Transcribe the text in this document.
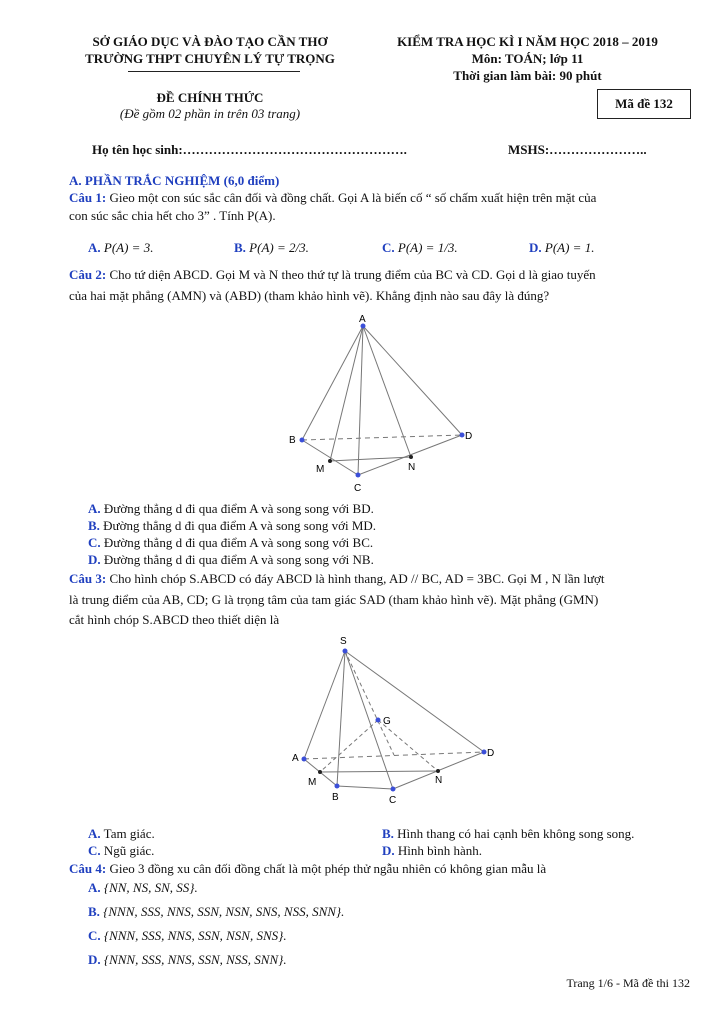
SỞ GIÁO DỤC VÀ ĐÀO TẠO CẦN THƠ
TRƯỜNG THPT CHUYÊN LÝ TỰ TRỌNG
KIỂM TRA HỌC KÌ I NĂM HỌC 2018 – 2019
Môn: TOÁN; lớp 11
Thời gian làm bài: 90 phút
ĐỀ CHÍNH THỨC
(Đề gồm 02 phần in trên 03 trang)
Mã đề 132
Họ tên học sinh:…………………………………………….	MSHS:…………………..
A. PHẦN TRẮC NGHIỆM (6,0 điểm)
Câu 1: Gieo một con súc sắc cân đối và đồng chất. Gọi A là biến cố “ số chấm xuất hiện trên mặt của
con súc sắc chia hết cho 3” . Tính P(A).
A. P(A) = 3.	B. P(A) = 2/3.	C. P(A) = 1/3.	D. P(A) = 1.
Câu 2: Cho tứ diện ABCD. Gọi M và N theo thứ tự là trung điểm của BC và CD. Gọi d là giao tuyến
của hai mặt phẳng (AMN) và (ABD) (tham khảo hình vẽ). Khẳng định nào sau đây là đúng?
A
B	D
C
M	N
A. Đường thẳng d đi qua điểm A và song song với BD.
B. Đường thẳng d đi qua điểm A và song song với MD.
C. Đường thẳng d đi qua điểm A và song song với BC.
D. Đường thẳng d đi qua điểm A và song song với NB.
Câu 3: Cho hình chóp S.ABCD có đáy ABCD là hình thang, AD // BC, AD = 3BC. Gọi M , N lần lượt
là trung điểm của AB, CD; G là trọng tâm của tam giác SAD (tham khảo hình vẽ). Mặt phẳng (GMN)
cắt hình chóp S.ABCD theo thiết diện là
S
G
A	D
M	N
B	C
A. Tam giác.	B. Hình thang có hai cạnh bên không song song.
C. Ngũ giác.	D. Hình bình hành.
Câu 4: Gieo 3 đồng xu cân đối đồng chất là một phép thử ngẫu nhiên có không gian mẫu là
A. {NN, NS, SN, SS}.
B. {NNN, SSS, NNS, SSN, NSN, SNS, NSS, SNN}.
C. {NNN, SSS, NNS, SSN, NSN, SNS}.
D. {NNN, SSS, NNS, SSN, NSS, SNN}.
Trang 1/6 - Mã đề thi 132
